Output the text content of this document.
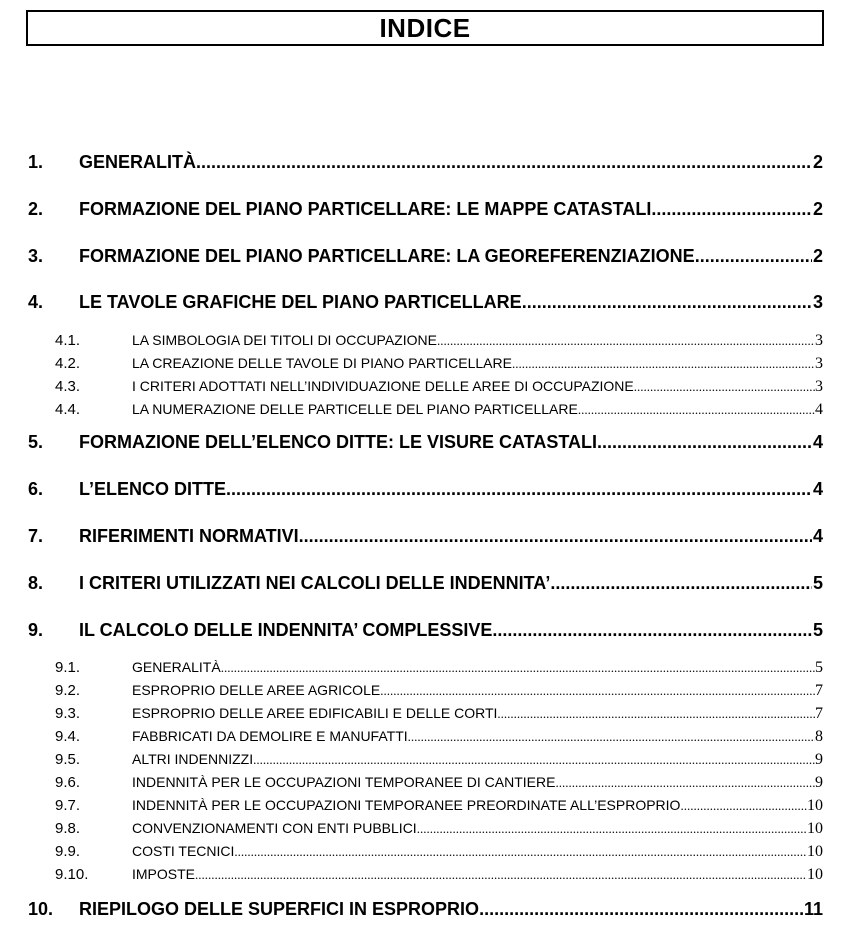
INDICE
1.	GENERALITÀ .....	2
2.	FORMAZIONE DEL PIANO PARTICELLARE: LE MAPPE CATASTALI .....	2
3.	FORMAZIONE DEL PIANO PARTICELLARE: LA GEOREFERENZIAZIONE .....	2
4.	LE TAVOLE GRAFICHE DEL PIANO PARTICELLARE .....	3
4.1.	LA SIMBOLOGIA DEI TITOLI DI OCCUPAZIONE .....	3
4.2.	LA CREAZIONE DELLE TAVOLE DI PIANO PARTICELLARE .....	3
4.3.	I CRITERI ADOTTATI NELL’INDIVIDUAZIONE DELLE AREE DI OCCUPAZIONE .....	3
4.4.	LA NUMERAZIONE DELLE PARTICELLE DEL PIANO PARTICELLARE .....	4
5.	FORMAZIONE DELL’ELENCO DITTE: LE VISURE CATASTALI .....	4
6.	L’ELENCO DITTE .....	4
7.	RIFERIMENTI NORMATIVI .....	4
8.	I CRITERI UTILIZZATI NEI CALCOLI DELLE INDENNITA’ .....	5
9.	IL CALCOLO DELLE INDENNITA’ COMPLESSIVE .....	5
9.1.	GENERALITÀ .....	5
9.2.	ESPROPRIO DELLE AREE AGRICOLE .....	7
9.3.	ESPROPRIO DELLE AREE EDIFICABILI E DELLE CORTI .....	7
9.4.	FABBRICATI DA DEMOLIRE E MANUFATTI .....	8
9.5.	ALTRI INDENNIZZI .....	9
9.6.	INDENNITÀ PER LE OCCUPAZIONI TEMPORANEE DI CANTIERE .....	9
9.7.	INDENNITÀ PER LE OCCUPAZIONI TEMPORANEE PREORDINATE ALL’ESPROPRIO .....	10
9.8.	CONVENZIONAMENTI CON ENTI PUBBLICI .....	10
9.9.	COSTI TECNICI .....	10
9.10.	IMPOSTE .....	10
10.	RIEPILOGO DELLE SUPERFICI IN ESPROPRIO .....	11
